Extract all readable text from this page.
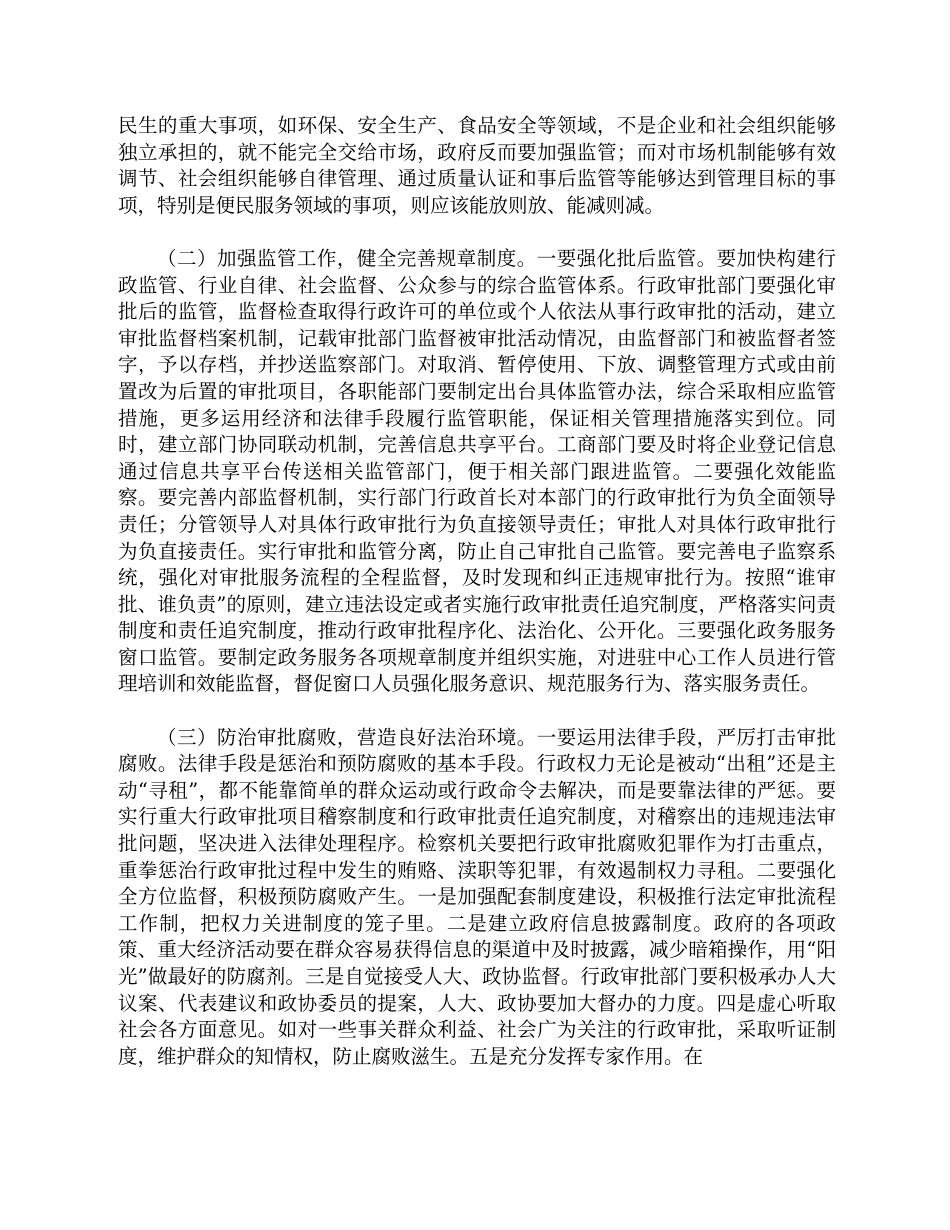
民生的重大事项，如环保、安全生产、食品安全等领域，不是企业和社会组织能够独立承担的，就不能完全交给市场，政府反而要加强监管；而对市场机制能够有效调节、社会组织能够自律管理、通过质量认证和事后监管等能够达到管理目标的事项，特别是便民服务领域的事项，则应该能放则放、能减则减。

（二）加强监管工作，健全完善规章制度。一要强化批后监管。要加快构建行政监管、行业自律、社会监督、公众参与的综合监管体系。行政审批部门要强化审批后的监管，监督检查取得行政许可的单位或个人依法从事行政审批的活动，建立审批监督档案机制，记载审批部门监督被审批活动情况，由监督部门和被监督者签字，予以存档，并抄送监察部门。对取消、暂停使用、下放、调整管理方式或由前置改为后置的审批项目，各职能部门要制定出台具体监管办法，综合采取相应监管措施，更多运用经济和法律手段履行监管职能，保证相关管理措施落实到位。同时，建立部门协同联动机制，完善信息共享平台。工商部门要及时将企业登记信息通过信息共享平台传送相关监管部门，便于相关部门跟进监管。二要强化效能监察。要完善内部监督机制，实行部门行政首长对本部门的行政审批行为负全面领导责任；分管领导人对具体行政审批行为负直接领导责任；审批人对具体行政审批行为负直接责任。实行审批和监管分离，防止自己审批自己监管。要完善电子监察系统，强化对审批服务流程的全程监督，及时发现和纠正违规审批行为。按照“谁审批、谁负责”的原则，建立违法设定或者实施行政审批责任追究制度，严格落实问责制度和责任追究制度，推动行政审批程序化、法治化、公开化。三要强化政务服务窗口监管。要制定政务服务各项规章制度并组织实施，对进驻中心工作人员进行管理培训和效能监督，督促窗口人员强化服务意识、规范服务行为、落实服务责任。

（三）防治审批腐败，营造良好法治环境。一要运用法律手段，严厉打击审批腐败。法律手段是惩治和预防腐败的基本手段。行政权力无论是被动“出租”还是主动“寻租”，都不能靠简单的群众运动或行政命令去解决，而是要靠法律的严惩。要实行重大行政审批项目稽察制度和行政审批责任追究制度，对稽察出的违规违法审批问题，坚决进入法律处理程序。检察机关要把行政审批腐败犯罪作为打击重点，重拳惩治行政审批过程中发生的贿赂、渎职等犯罪，有效遏制权力寻租。二要强化全方位监督，积极预防腐败产生。一是加强配套制度建设，积极推行法定审批流程工作制，把权力关进制度的笼子里。二是建立政府信息披露制度。政府的各项政策、重大经济活动要在群众容易获得信息的渠道中及时披露，减少暗箱操作，用“阳光”做最好的防腐剂。三是自觉接受人大、政协监督。行政审批部门要积极承办人大议案、代表建议和政协委员的提案，人大、政协要加大督办的力度。四是虚心听取社会各方面意见。如对一些事关群众利益、社会广为关注的行政审批，采取听证制度，维护群众的知情权，防止腐败滋生。五是充分发挥专家作用。在
